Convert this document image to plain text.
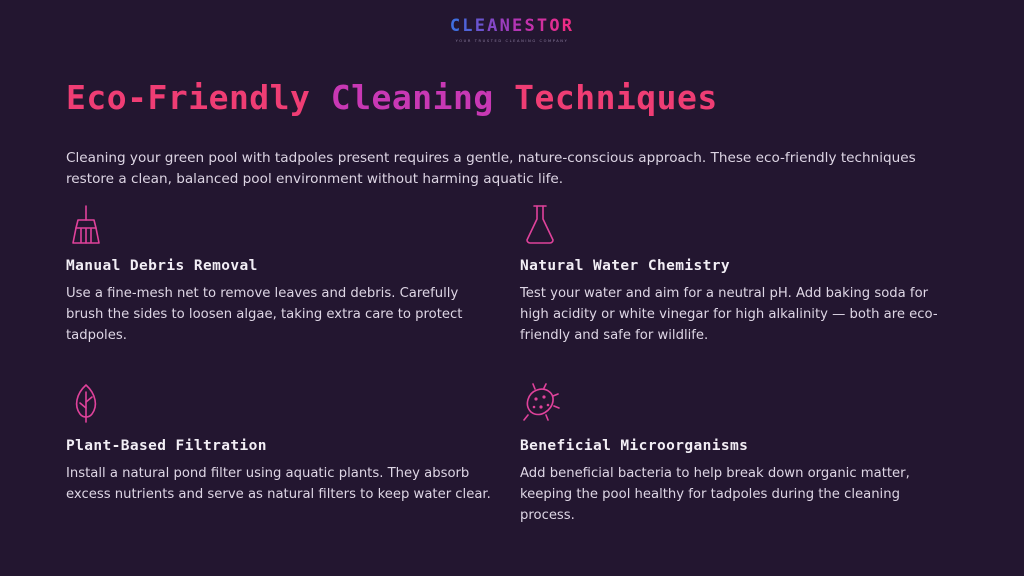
CLEANESTOR
YOUR TRUSTED CLEANING COMPANY
Eco-Friendly Cleaning Techniques
Cleaning your green pool with tadpoles present requires a gentle, nature-conscious approach. These eco-friendly techniques restore a clean, balanced pool environment without harming aquatic life.
Manual Debris Removal
Use a fine-mesh net to remove leaves and debris. Carefully brush the sides to loosen algae, taking extra care to protect tadpoles.
Natural Water Chemistry
Test your water and aim for a neutral pH. Add baking soda for high acidity or white vinegar for high alkalinity — both are eco-friendly and safe for wildlife.
Plant-Based Filtration
Install a natural pond filter using aquatic plants. They absorb excess nutrients and serve as natural filters to keep water clear.
Beneficial Microorganisms
Add beneficial bacteria to help break down organic matter, keeping the pool healthy for tadpoles during the cleaning process.
